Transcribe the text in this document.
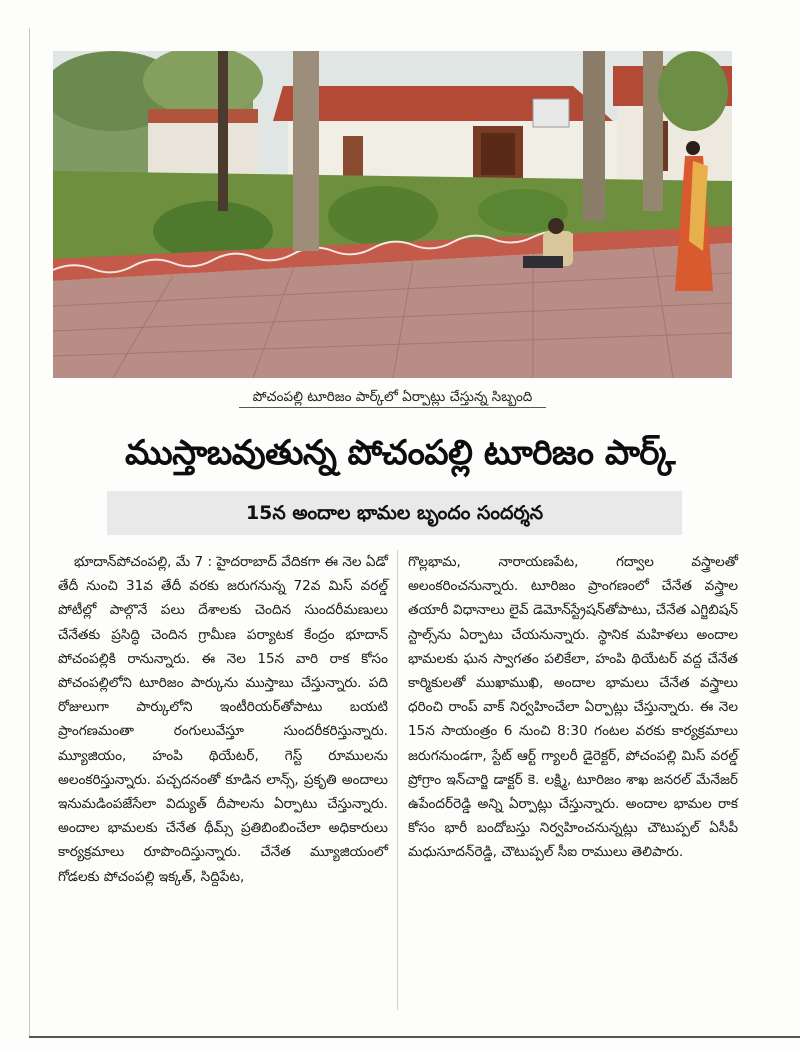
పోచంపల్లి టూరిజం పార్క్‌లో ఏర్పాట్లు చేస్తున్న సిబ్బంది
ముస్తాబవుతున్న పోచంపల్లి టూరిజం పార్క్
15న అందాల భామల బృందం సందర్శన

భూదాన్‌పోచంపల్లి, మే 7 : హైదరాబాద్ వేదికగా ఈ నెల ఏడో తేదీ నుంచి 31వ తేదీ వరకు జరుగనున్న 72వ మిస్ వరల్డ్ పోటీల్లో పాల్గొనే పలు దేశాలకు చెందిన సుందరీమణులు చేనేతకు ప్రసిద్ధి చెందిన గ్రామీణ పర్యాటక కేంద్రం భూదాన్ పోచంపల్లికి రానున్నారు. ఈ నెల 15న వారి రాక కోసం పోచంపల్లిలోని టూరిజం పార్కును ముస్తాబు చేస్తున్నారు. పది రోజులుగా పార్కులోని ఇంటీరియర్‌తోపాటు బయటి ప్రాంగణమంతా రంగులువేస్తూ సుందరీకరిస్తున్నారు. మ్యూజియం, హంపి థియేటర్, గెస్ట్ రూములను అలంకరిస్తున్నారు. పచ్చదనంతో కూడిన లాన్స్, ప్రకృతి అందాలు ఇనుమడింపజేసేలా విద్యుత్ దీపాలను ఏర్పాటు చేస్తున్నారు. అందాల భామలకు చేనేత థీమ్స్ ప్రతిబింబించేలా అధికారులు కార్యక్రమాలు రూపొందిస్తున్నారు. చేనేత మ్యూజియంలో గోడలకు పోచంపల్లి ఇక్కత్, సిద్దిపేట,

గొల్లభామ, నారాయణపేట, గద్వాల వస్త్రాలతో అలంకరించనున్నారు. టూరిజం ప్రాంగణంలో చేనేత వస్త్రాల తయారీ విధానాలు లైవ్ డెమోన్‌స్ట్రేషన్‌తోపాటు, చేనేత ఎగ్జిబిషన్ స్టాల్స్‌ను ఏర్పాటు చేయనున్నారు. స్థానిక మహిళలు అందాల భామలకు ఘన స్వాగతం పలికేలా, హంపి థియేటర్ వద్ద చేనేత కార్మికులతో ముఖాముఖి, అందాల భామలు చేనేత వస్త్రాలు ధరించి రాంప్ వాక్ నిర్వహించేలా ఏర్పాట్లు చేస్తున్నారు. ఈ నెల 15న సాయంత్రం 6 నుంచి 8:30 గంటల వరకు కార్యక్రమాలు జరుగనుండగా, స్టేట్ ఆర్ట్ గ్యాలరీ డైరెక్టర్, పోచంపల్లి మిస్ వరల్డ్ ప్రోగ్రాం ఇన్‌చార్జి డాక్టర్ కె. లక్ష్మి, టూరిజం శాఖ జనరల్ మేనేజర్ ఉపేందర్‌రెడ్డి అన్ని ఏర్పాట్లు చేస్తున్నారు. అందాల భామల రాక కోసం భారీ బందోబస్తు నిర్వహించనున్నట్లు చౌటుప్పల్ ఏసీపీ మధుసూదన్‌రెడ్డి, చౌటుప్పల్ సీఐ రాములు తెలిపారు.
